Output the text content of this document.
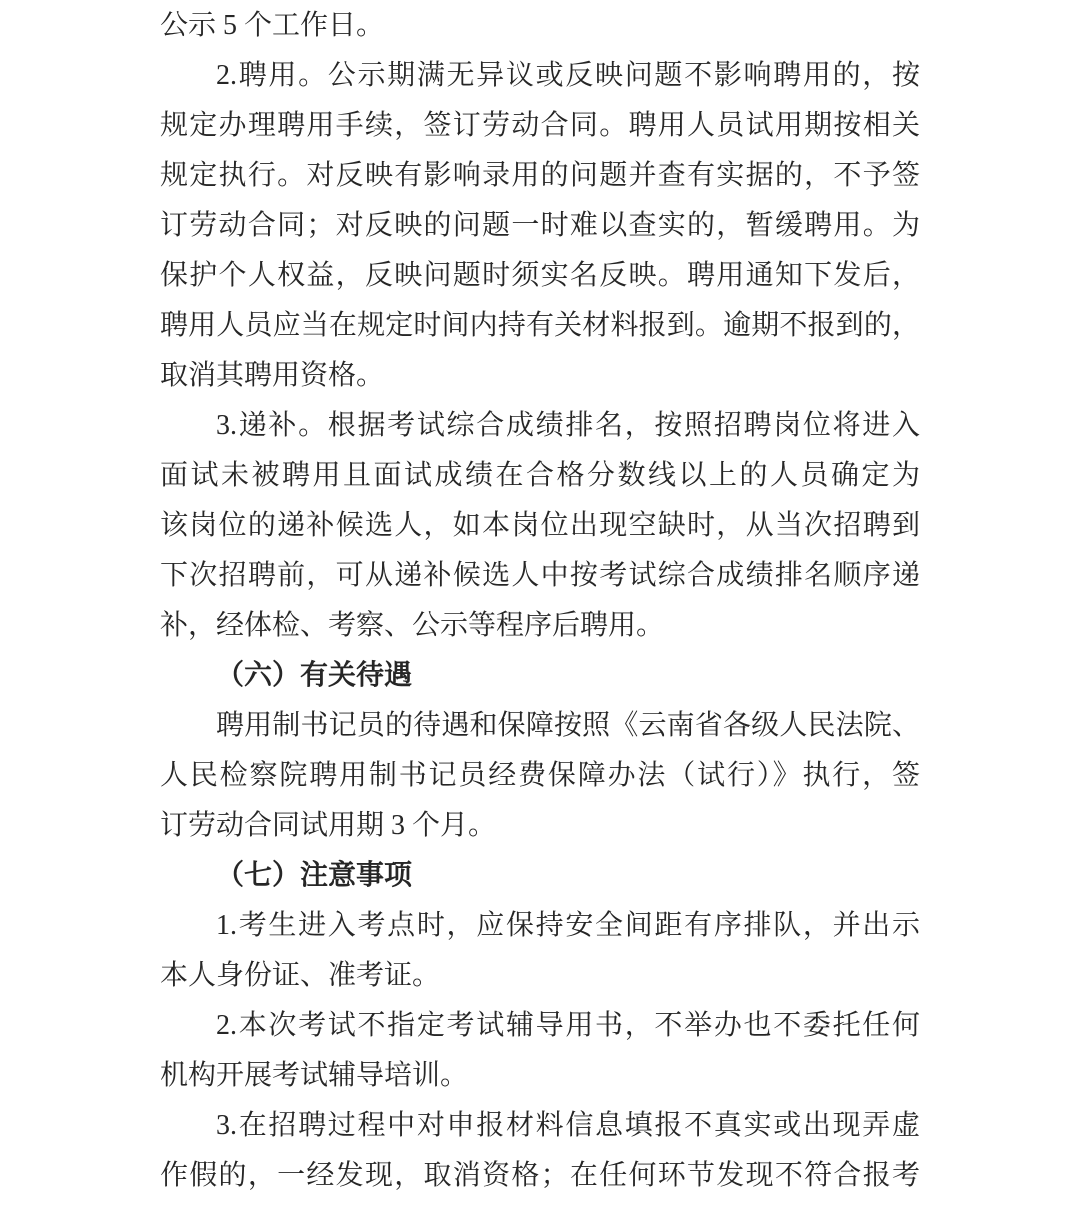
公示 5 个工作日。
2.聘用。公示期满无异议或反映问题不影响聘用的，按
规定办理聘用手续，签订劳动合同。聘用人员试用期按相关
规定执行。对反映有影响录用的问题并查有实据的，不予签
订劳动合同；对反映的问题一时难以查实的，暂缓聘用。为
保护个人权益，反映问题时须实名反映。聘用通知下发后，
聘用人员应当在规定时间内持有关材料报到。逾期不报到的，
取消其聘用资格。
3.递补。根据考试综合成绩排名，按照招聘岗位将进入
面试未被聘用且面试成绩在合格分数线以上的人员确定为
该岗位的递补候选人，如本岗位出现空缺时，从当次招聘到
下次招聘前，可从递补候选人中按考试综合成绩排名顺序递
补，经体检、考察、公示等程序后聘用。
（六）有关待遇
聘用制书记员的待遇和保障按照《云南省各级人民法院、
人民检察院聘用制书记员经费保障办法（试行）》执行，签
订劳动合同试用期 3 个月。
（七）注意事项
1.考生进入考点时，应保持安全间距有序排队，并出示
本人身份证、准考证。
2.本次考试不指定考试辅导用书，不举办也不委托任何
机构开展考试辅导培训。
3.在招聘过程中对申报材料信息填报不真实或出现弄虚
作假的，一经发现，取消资格；在任何环节发现不符合报考
